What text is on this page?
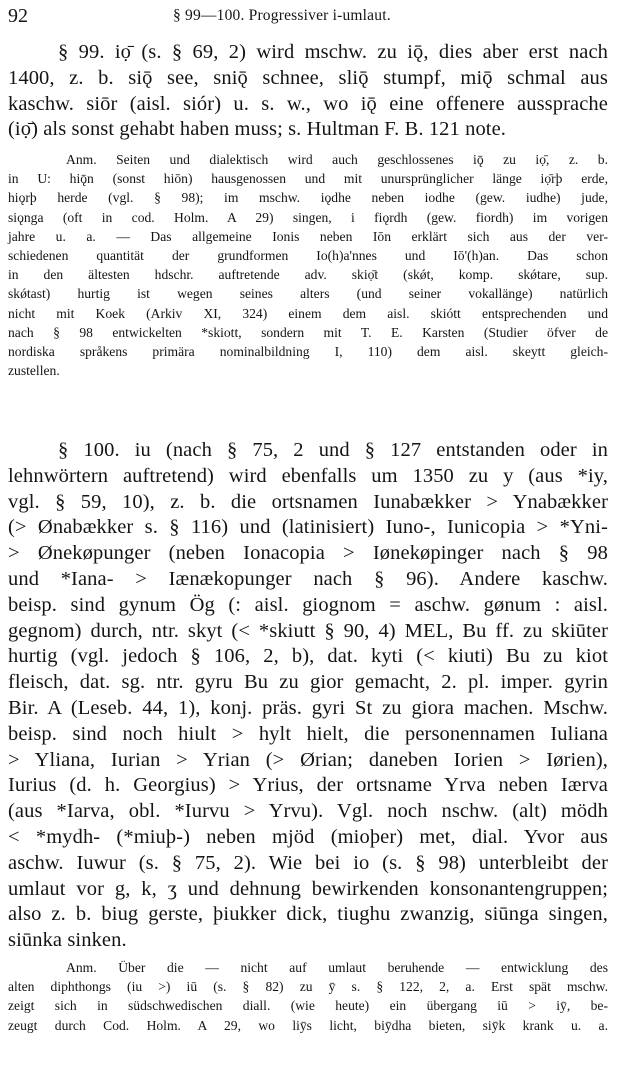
92	§ 99—100. Progressiver i-umlaut.
§ 99. iọ̄ (s. § 69, 2) wird mschw. zu iǭ, dies aber erst nach
1400, z. b. siǭ see, sniǭ schnee, sliǭ stumpf, miǭ schmal aus
kaschw. siōr (aisl. siór) u. s. w., wo iǭ eine offenere aussprache
(iọ̄) als sonst gehabt haben muss; s. Hultman F. B. 121 note.
Anm. Seiten und dialektisch wird auch geschlossenes iǭ zu iọ̄, z. b.
in U: hiǭn (sonst hiōn) hausgenossen und mit unursprünglicher länge iọ̄rþ erde,
hiǫrþ herde (vgl. § 98); im mschw. iǫdhe neben iodhe (gew. iudhe) jude,
siǫnga (oft in cod. Holm. A 29) singen, i fiǫrdh (gew. fiordh) im vorigen
jahre u. a. — Das allgemeine Ionis neben Iōn erklärt sich aus der ver-
schiedenen quantität der grundformen Io(h)a'nnes und Iō'(h)an. Das schon
in den ältesten hdschr. auftretende adv. skiọ̄t (skǿt, komp. skǿtare, sup.
skǿtast) hurtig ist wegen seines alters (und seiner vokallänge) natürlich
nicht mit Koek (Arkiv XI, 324) einem dem aisl. skiótt entsprechenden und
nach § 98 entwickelten *skiott, sondern mit T. E. Karsten (Studier öfver de
nordiska språkens primära nominalbildning I, 110) dem aisl. skeytt gleich-
zustellen.
§ 100. iu (nach § 75, 2 und § 127 entstanden oder in
lehnwörtern auftretend) wird ebenfalls um 1350 zu y (aus *iy,
vgl. § 59, 10), z. b. die ortsnamen Iunabækker > Ynabækker
(> Ønabækker s. § 116) und (latinisiert) Iuno-, Iunicopia > *Yni-
> Ønekøpunger (neben Ionacopia > Iønekøpinger nach § 98
und *Iana- > Iænækopunger nach § 96). Andere kaschw.
beisp. sind gynum Ög (: aisl. giognom = aschw. gønum : aisl.
gegnom) durch, ntr. skyt (< *skiutt § 90, 4) MEL, Bu ff. zu skiūter
hurtig (vgl. jedoch § 106, 2, b), dat. kyti (< kiuti) Bu zu kiot
fleisch, dat. sg. ntr. gyru Bu zu gior gemacht, 2. pl. imper. gyrin
Bir. A (Leseb. 44, 1), konj. präs. gyri St zu giora machen. Mschw.
beisp. sind noch hiult > hylt hielt, die personennamen Iuliana
> Yliana, Iurian > Yrian (> Ørian; daneben Iorien > Iørien),
Iurius (d. h. Georgius) > Yrius, der ortsname Yrva neben Iærva
(aus *Iarva, obl. *Iurvu > Yrvu). Vgl. noch nschw. (alt) mödh
< *mydh- (*miuþ-) neben mjöd (mioþer) met, dial. Yvor aus
aschw. Iuwur (s. § 75, 2). Wie bei io (s. § 98) unterbleibt der
umlaut vor g, k, ʒ und dehnung bewirkenden konsonantengruppen;
also z. b. biug gerste, þiukker dick, tiughu zwanzig, siūnga singen,
siūnka sinken.
Anm. Über die — nicht auf umlaut beruhende — entwicklung des
alten diphthongs (iu >) iū (s. § 82) zu ȳ s. § 122, 2, a. Erst spät mschw.
zeigt sich in südschwedischen diall. (wie heute) ein übergang iū > iȳ, be-
zeugt durch Cod. Holm. A 29, wo liȳs licht, biȳdha bieten, siȳk krank u. a.
